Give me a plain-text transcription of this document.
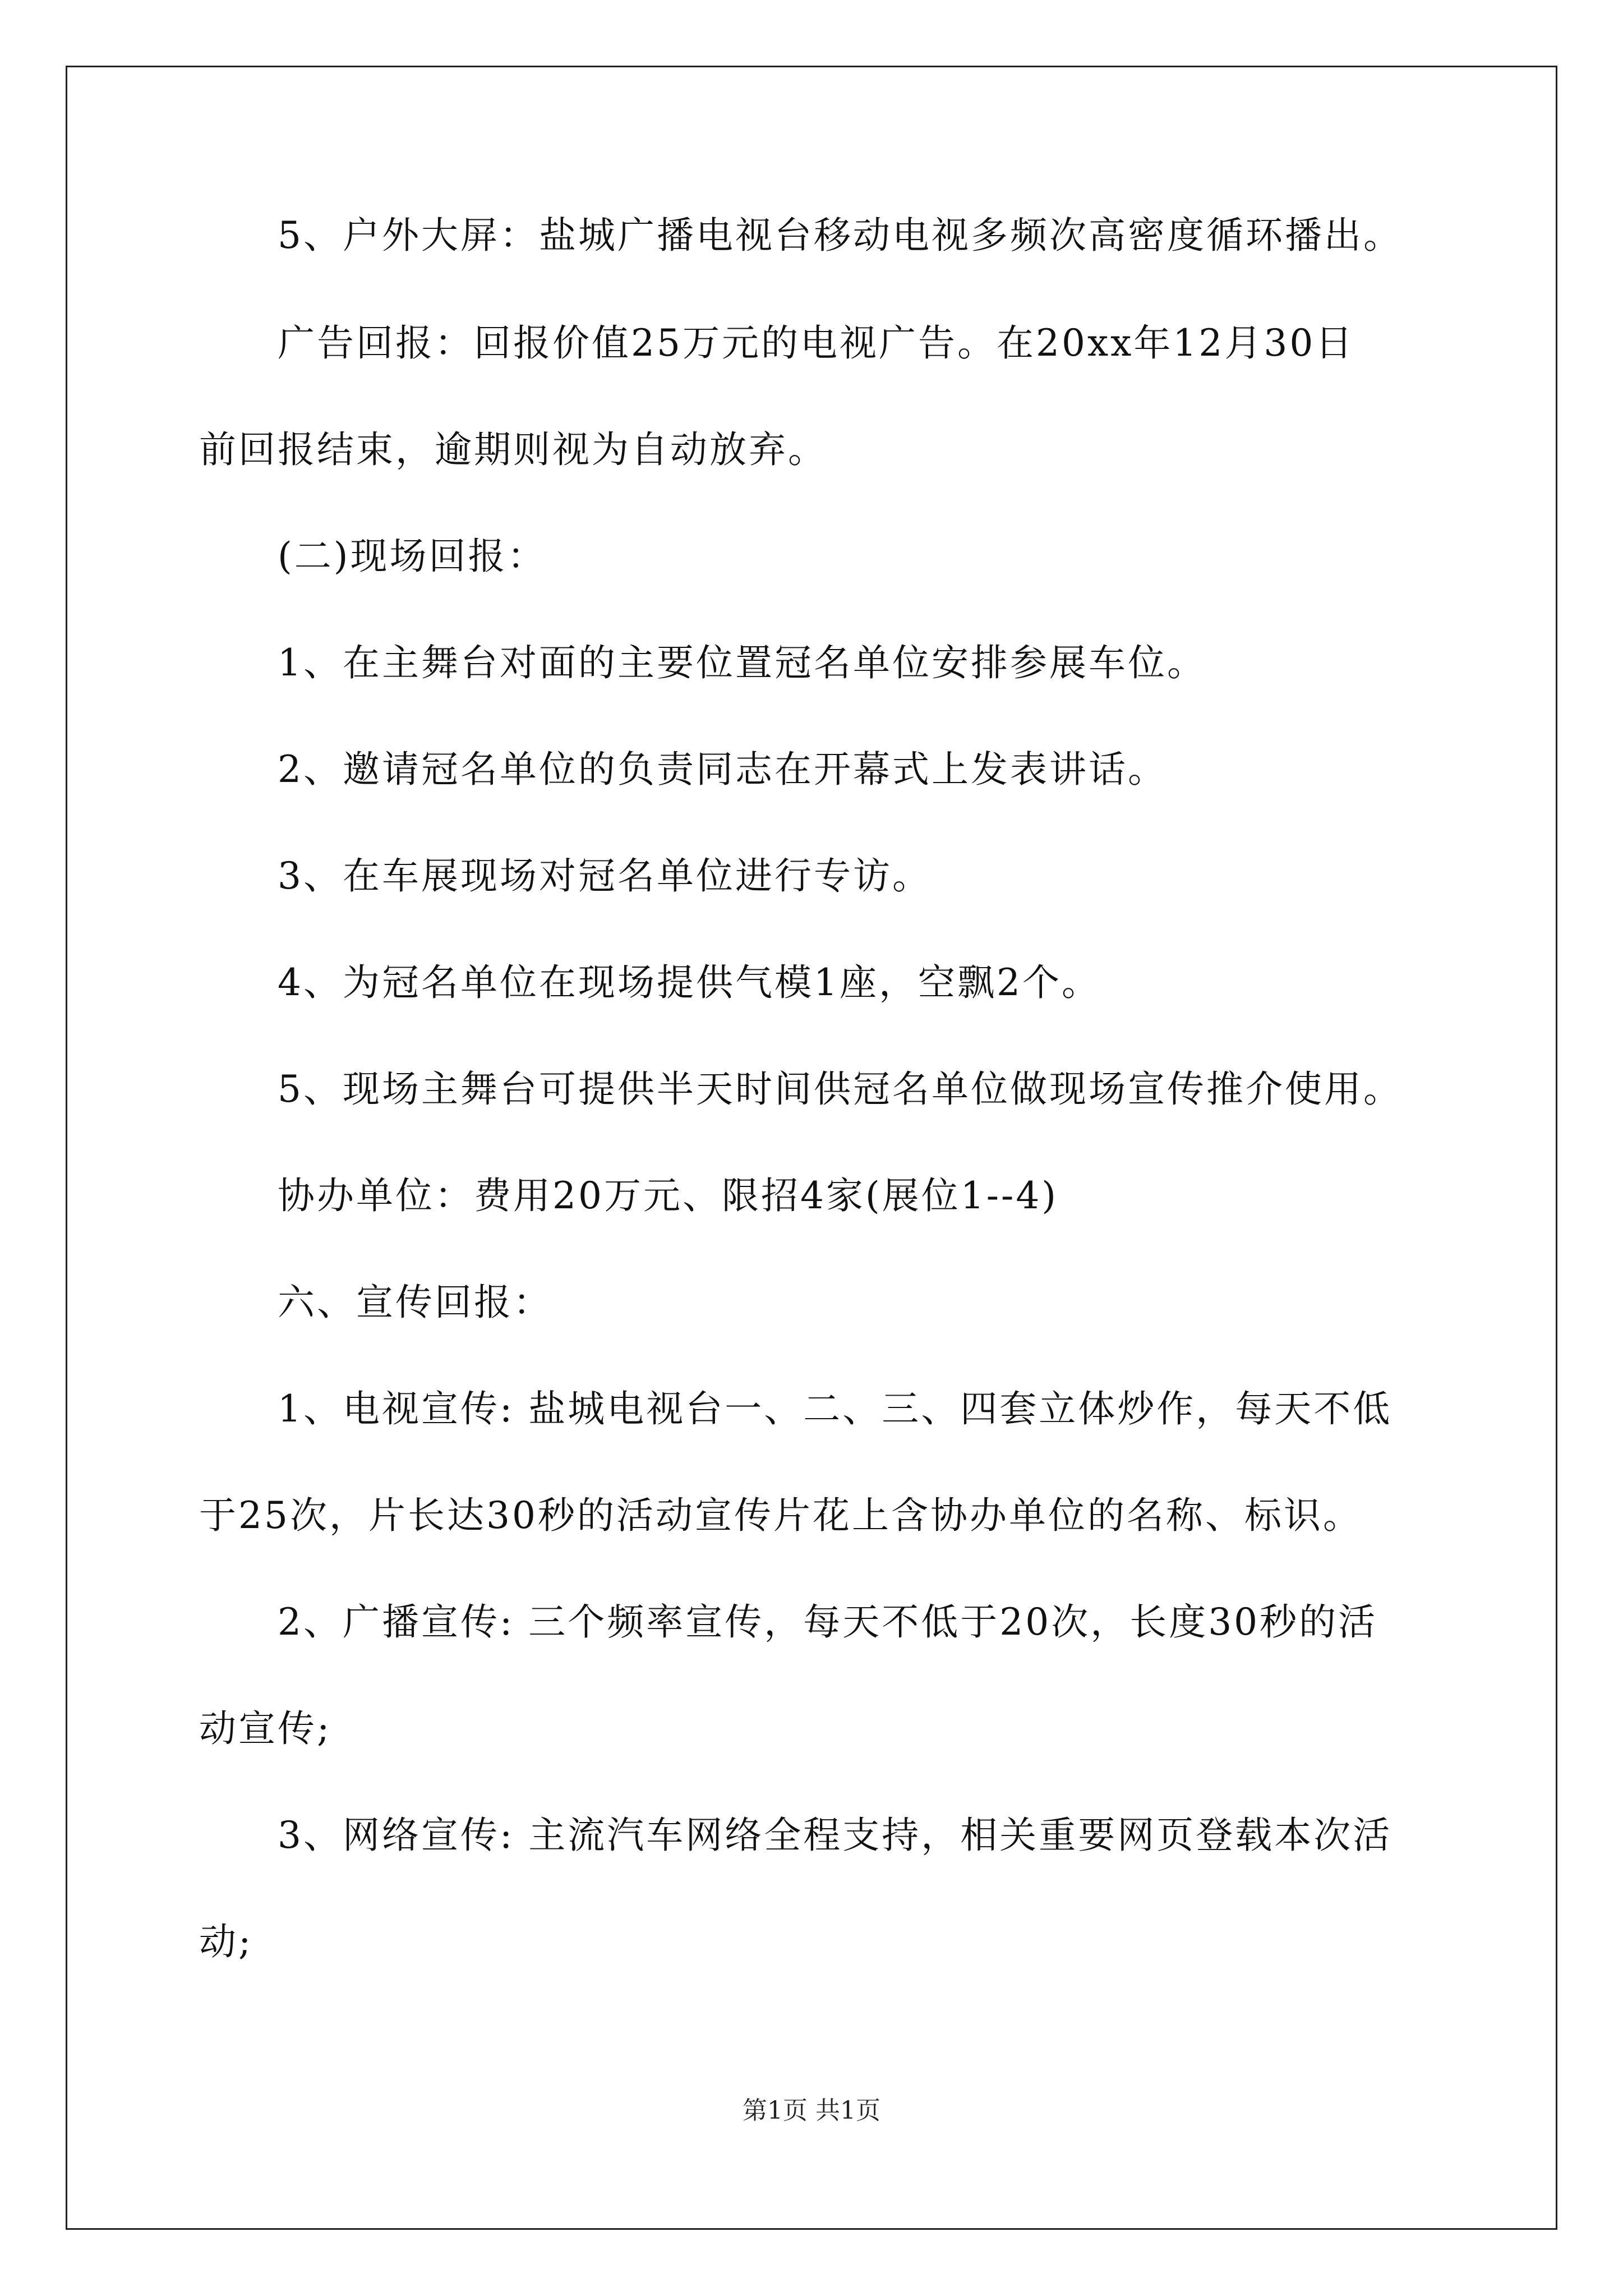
5、户外大屏：盐城广播电视台移动电视多频次高密度循环播出。
广告回报：回报价值25万元的电视广告。在20xx年12月30日
前回报结束，逾期则视为自动放弃。
(二)现场回报：
1、在主舞台对面的主要位置冠名单位安排参展车位。
2、邀请冠名单位的负责同志在开幕式上发表讲话。
3、在车展现场对冠名单位进行专访。
4、为冠名单位在现场提供气模1座，空飘2个。
5、现场主舞台可提供半天时间供冠名单位做现场宣传推介使用。
协办单位：费用20万元、限招4家(展位1--4)
六、宣传回报：
1、电视宣传: 盐城电视台一、二、三、四套立体炒作，每天不低
于25次，片长达30秒的活动宣传片花上含协办单位的名称、标识。
2、广播宣传: 三个频率宣传，每天不低于20次，长度30秒的活
动宣传;
3、网络宣传: 主流汽车网络全程支持，相关重要网页登载本次活
动;
第1页 共1页
